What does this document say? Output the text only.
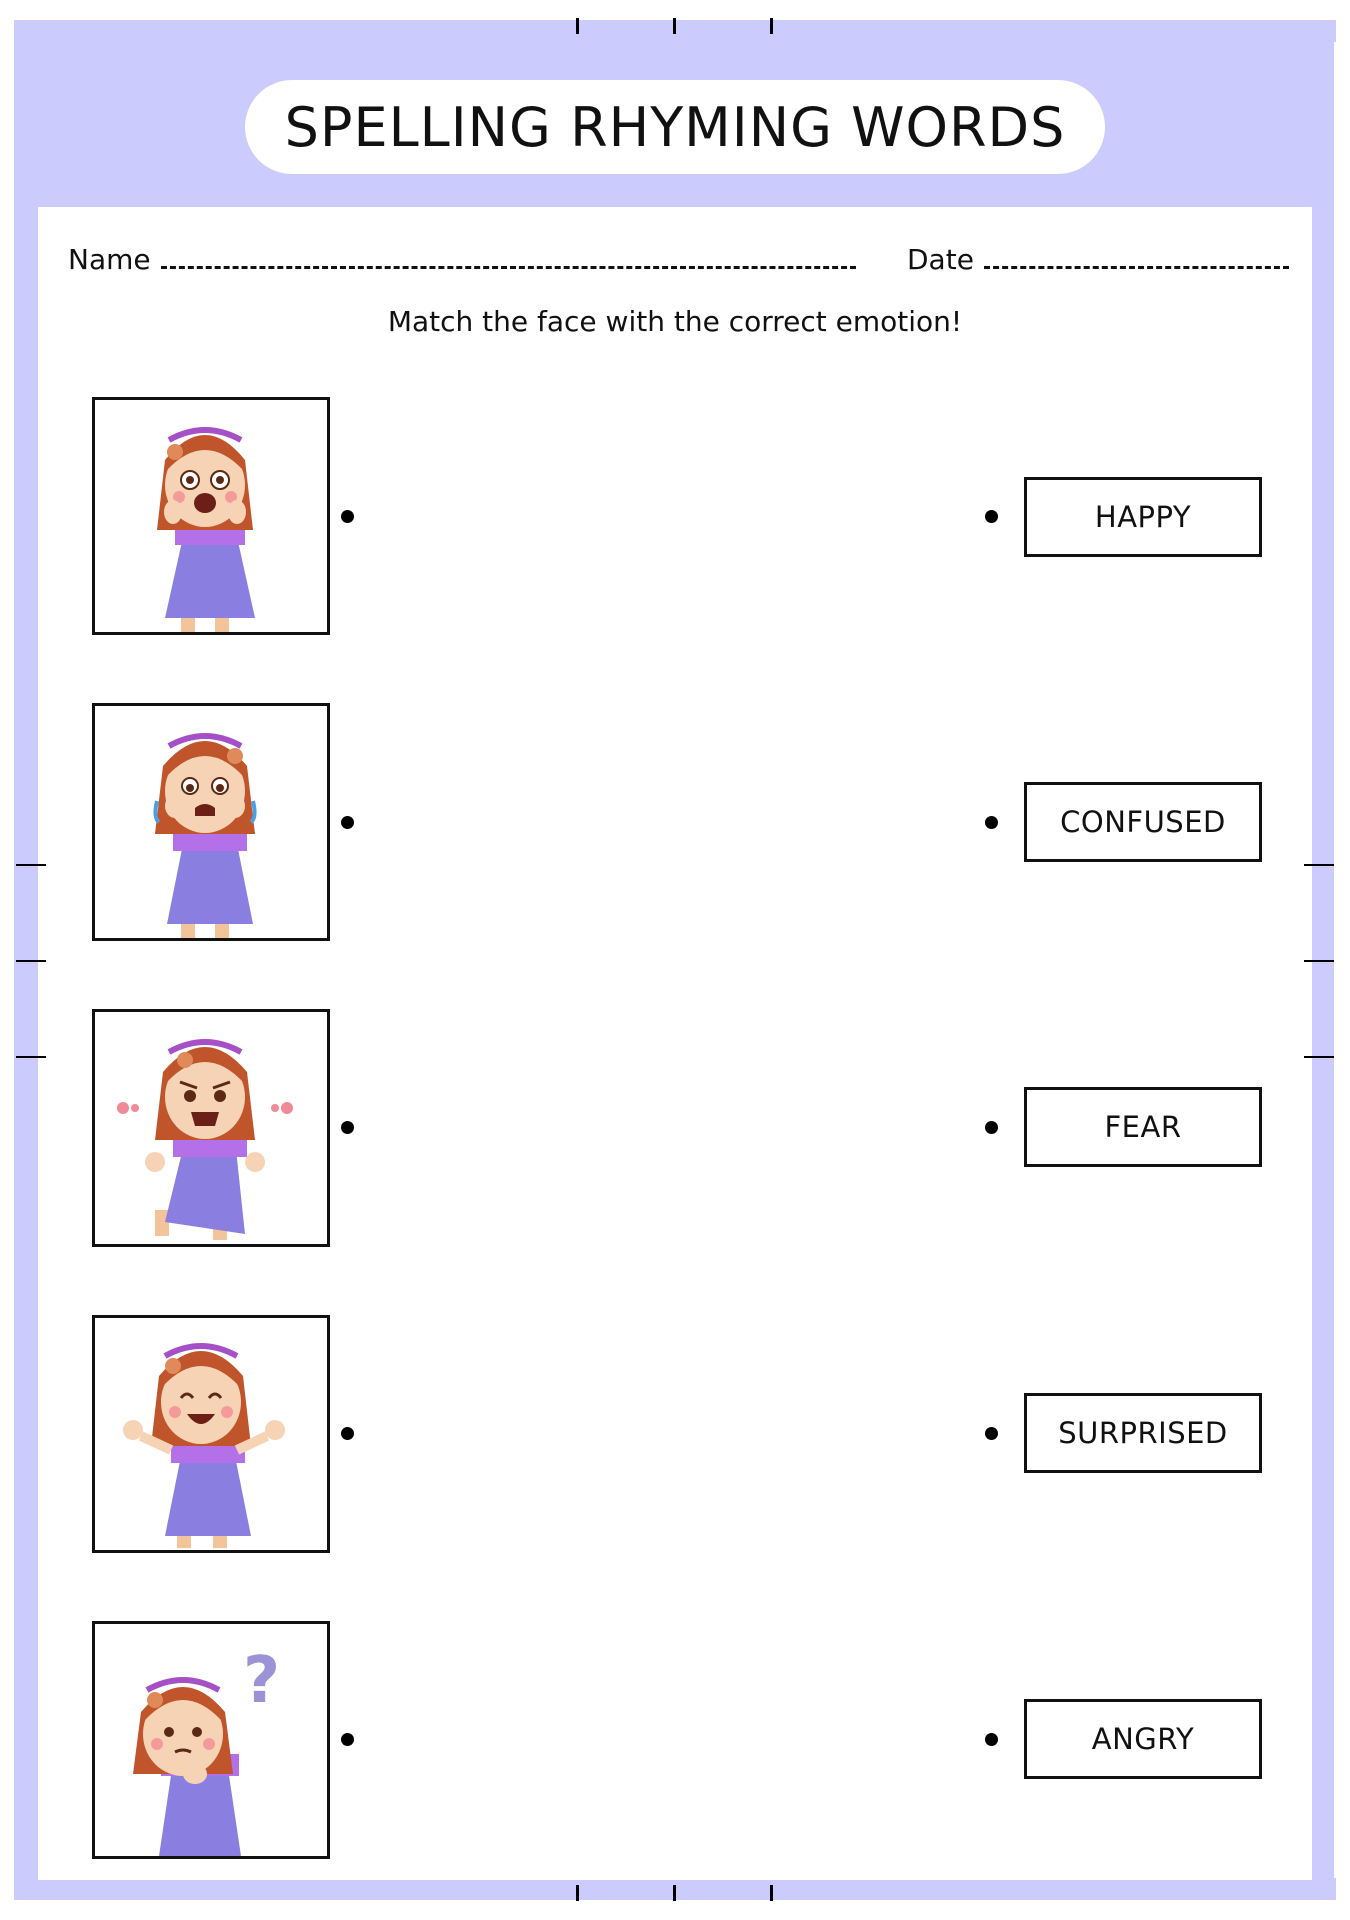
SPELLING RHYMING WORDS
Name	Date
Match the face with the correct emotion!
?
HAPPY
CONFUSED
FEAR
SURPRISED
ANGRY
